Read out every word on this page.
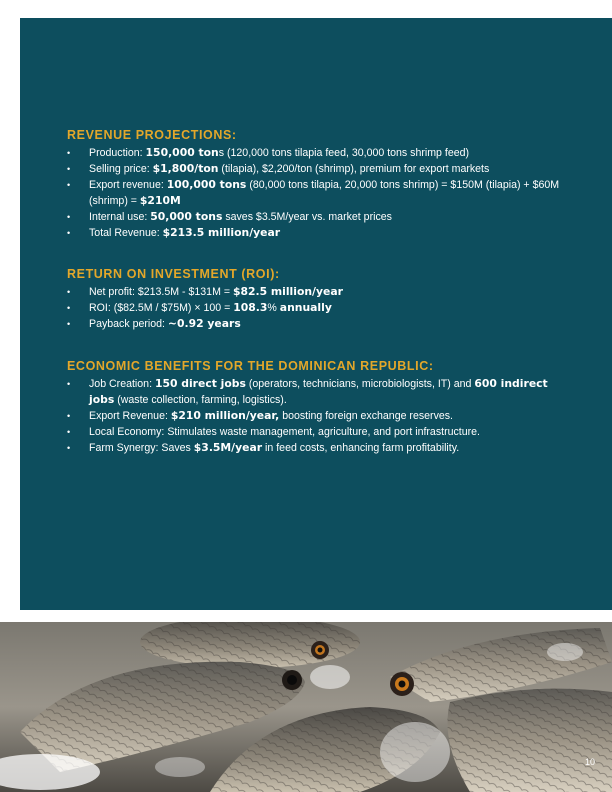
REVENUE PROJECTIONS:
• Production: 150,000 tons (120,000 tons tilapia feed, 30,000 tons shrimp feed)
• Selling price: $1,800/ton (tilapia), $2,200/ton (shrimp), premium for export markets
• Export revenue: 100,000 tons (80,000 tons tilapia, 20,000 tons shrimp) = $150M (tilapia) + $60M (shrimp) = $210M
• Internal use: 50,000 tons saves $3.5M/year vs. market prices
• Total Revenue: $213.5 million/year
RETURN ON INVESTMENT (ROI):
• Net profit: $213.5M - $131M = $82.5 million/year
• ROI: ($82.5M / $75M) × 100 = 108.3% annually
• Payback period: ~0.92 years
ECONOMIC BENEFITS FOR THE DOMINICAN REPUBLIC:
• Job Creation: 150 direct jobs (operators, technicians, microbiologists, IT) and 600 indirect jobs (waste collection, farming, logistics).
• Export Revenue: $210 million/year, boosting foreign exchange reserves.
• Local Economy: Stimulates waste management, agriculture, and port infrastructure.
• Farm Synergy: Saves $3.5M/year in feed costs, enhancing farm profitability.
10
